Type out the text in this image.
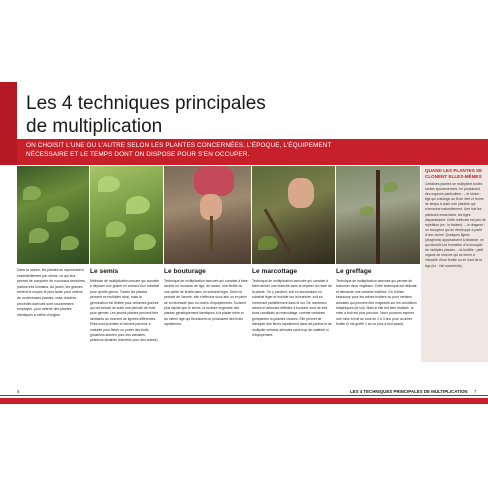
Les 4 techniques principales de multiplication

ON CHOISIT L’UNE OU L’AUTRE SELON LES PLANTES CONCERNÉES, L’ÉPOQUE, L’ÉQUIPEMENT NÉCESSAIRE ET LE TEMPS DONT ON DISPOSE POUR S’EN OCCUPER.

QUAND LES PLANTES SE CLONENT ELLES-MÊMES

Certaines plantes se multiplient toutes seules spontanément, en produisant des organes particuliers : – le stolon : tige qui s’allonge au fil de l’été et forme de temps à autre une plantule qui s’enracine naturellement. Une fois les plantules enracinées, les tiges disparaissent. Cette méthode est peu de répétition (ex : le fraisier). – le drageon : un bourgeon qui se développe à partir d’une racine. Quelques lignes (drageons) apparaissent à distance, ce qui aboutit à la formation d’un bosquet de multiples plantes. – la bulbille : petit organe de réserve qui se forme à l’aisselle d’une feuille ou en haut de la tige (ex : l’ail rocambole).

Dans la nature, les plantes se reproduisent essentiellement par semis, ce qui leur permet de conquérir de nouveaux territoires, parfois très lointains. Au jardin, les graines restent le moyen le plus facile pour obtenir de nombreuses plantes, mais d’autres procédés asexués sont couramment employés, pour obtenir des plantes identiques à celles d’origine.

Le semis

Méthode de multiplication sexuée qui consiste à déposer une graine en contact d’un substrat pour qu’elle germe. Toutes les plantes peuvent se multiplier ainsi, mais la germination est limitée pour certaines graines qui ont besoin de subir une période de froid pour germer. Les jeunes plantes peuvent être similaires au moment de lignées différentes. Elles sont juvéniles et doivent parvenir à maturité pour fleurir ou porter des fruits (plusieurs années pour des arbustes, plusieurs dizaines d’années pour des arbres).

Le bouturage

Technique de multiplication asexuée qui consiste à faire raciner un morceau de tige, de racine, une feuille ou une partie de feuille dans un substrat léger. Selon la période de l’année, elle s’effectue sous abri ou en plein air et nécessite plus ou moins d’équipements. Souvent plus rapide que le semis, la bouture engendre des plantes génétiquement identiques à la plante mère et du même âge qui fleurissent ou produisent des fruits rapidement.

Le marcottage

Technique de multiplication asexuée qui consiste à faire raciner une branche sans la séparer du reste de la plante. On y parvient, soit en accumulant un substrat léger et humide sur la branche, soit en l’enterrant partiellement dans le sol. De nombreux arbres et arbustes difficiles à bouturer sont de très bons candidats au marcottage, comme certaines grimpantes ou plantes vivaces. Elle permet de fabriquer des fleurs rapidement dans les jardins et de multiplier certains arbustes sans trop de matériel ni d’équipement.

Le greffage

Technique de multiplication asexuée qui permet de fusionner deux végétaux. Cette technique est délicate et demande une certaine maîtrise. On l’utilise beaucoup pour les arbres fruitiers ou pour certains arbustes qui peuvent être exigeants sur les conditions édaphiques (le sol). Mais si elle est bien réalisée, la mise à fruit est plus précoce. Nous pouvons espérer une mise à fruit au bout de 2 à 3 ans pour un arbre fruitier (il est greffé 1 an ou plus à fruit avant).

6	LES 4 TECHNIQUES PRINCIPALES DE MULTIPLICATION 7
